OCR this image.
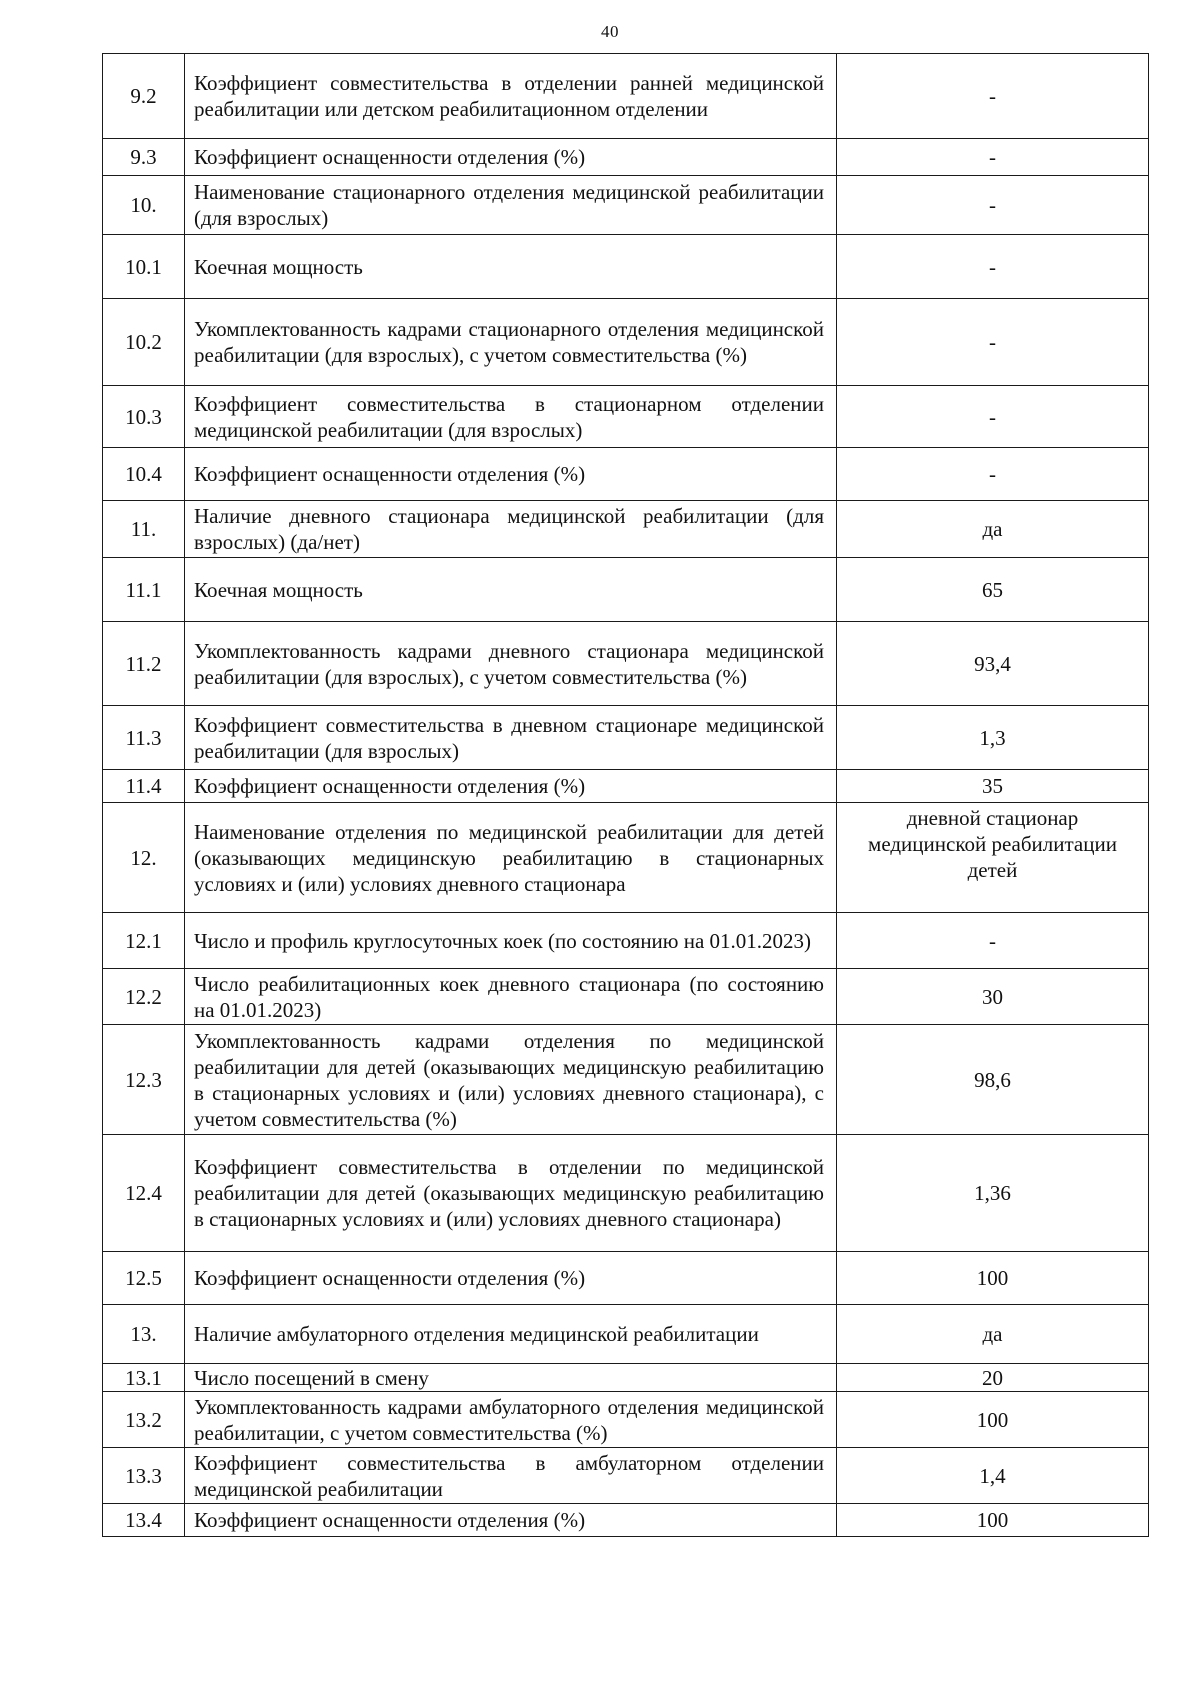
40
9.2	Коэффициент совместительства в отделении ранней медицинской реабилитации или детском реабилитационном отделении	-
9.3	Коэффициент оснащенности отделения (%)	-
10.	Наименование стационарного отделения медицинской реабилитации (для взрослых)	-
10.1	Коечная мощность	-
10.2	Укомплектованность кадрами стационарного отделения медицинской реабилитации (для взрослых), с учетом совместительства (%)	-
10.3	Коэффициент совместительства в стационарном отделении медицинской реабилитации (для взрослых)	-
10.4	Коэффициент оснащенности отделения (%)	-
11.	Наличие дневного стационара медицинской реабилитации (для взрослых) (да/нет)	да
11.1	Коечная мощность	65
11.2	Укомплектованность кадрами дневного стационара медицинской реабилитации (для взрослых), с учетом совместительства (%)	93,4
11.3	Коэффициент совместительства в дневном стационаре медицинской реабилитации (для взрослых)	1,3
11.4	Коэффициент оснащенности отделения (%)	35
12.	Наименование отделения по медицинской реабилитации для детей (оказывающих медицинскую реабилитацию в стационарных условиях и (или) условиях дневного стационара	дневной стационар медицинской реабилитации детей
12.1	Число и профиль круглосуточных коек (по состоянию на 01.01.2023)	-
12.2	Число реабилитационных коек дневного стационара (по состоянию на 01.01.2023)	30
12.3	Укомплектованность кадрами отделения по медицинской реабилитации для детей (оказывающих медицинскую реабилитацию в стационарных условиях и (или) условиях дневного стационара), с учетом совместительства (%)	98,6
12.4	Коэффициент совместительства в отделении по медицинской реабилитации для детей (оказывающих медицинскую реабилитацию в стационарных условиях и (или) условиях дневного стационара)	1,36
12.5	Коэффициент оснащенности отделения (%)	100
13.	Наличие амбулаторного отделения медицинской реабилитации	да
13.1	Число посещений в смену	20
13.2	Укомплектованность кадрами амбулаторного отделения медицинской реабилитации, с учетом совместительства (%)	100
13.3	Коэффициент совместительства в амбулаторном отделении медицинской реабилитации	1,4
13.4	Коэффициент оснащенности отделения (%)	100
